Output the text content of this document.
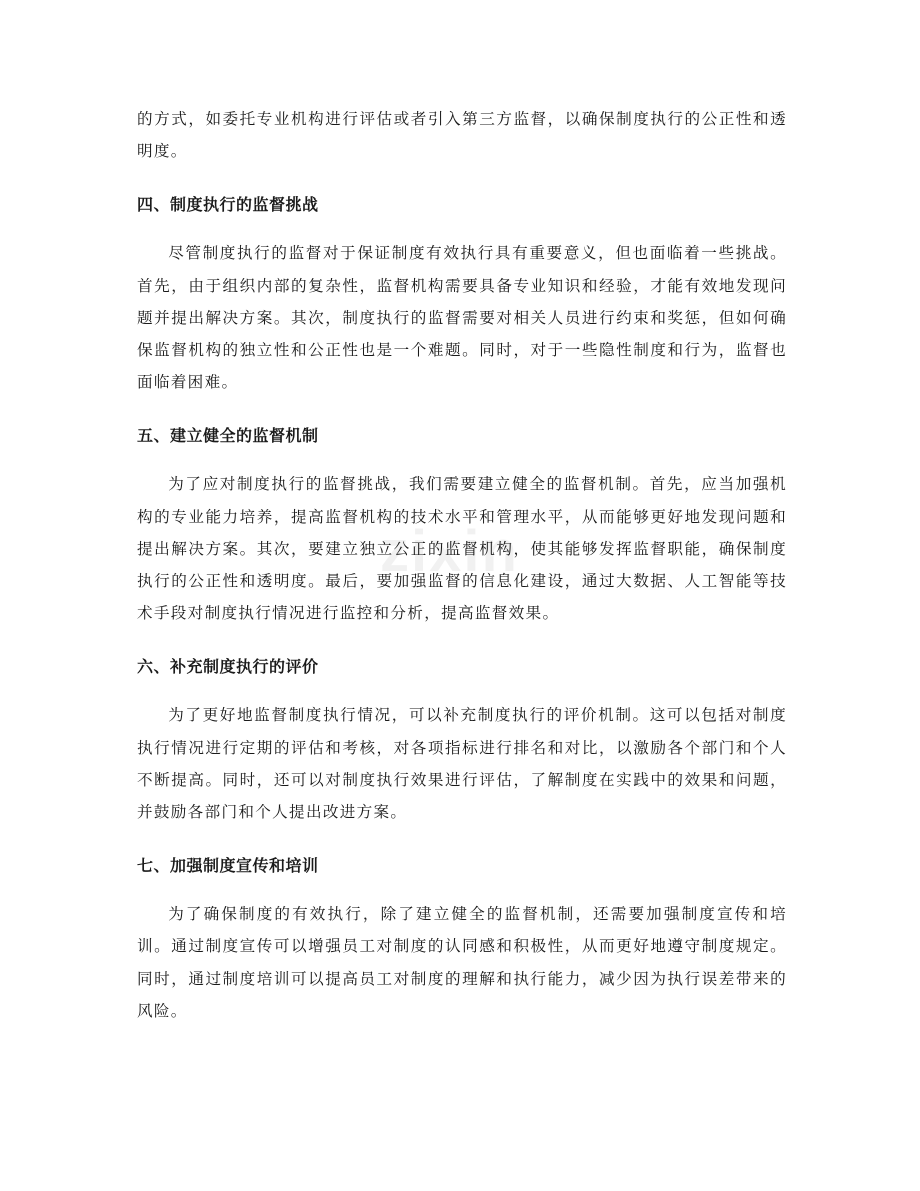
zixin

的方式，如委托专业机构进行评估或者引入第三方监督，以确保制度执行的公正性和透明度。

四、制度执行的监督挑战

尽管制度执行的监督对于保证制度有效执行具有重要意义，但也面临着一些挑战。首先，由于组织内部的复杂性，监督机构需要具备专业知识和经验，才能有效地发现问题并提出解决方案。其次，制度执行的监督需要对相关人员进行约束和奖惩，但如何确保监督机构的独立性和公正性也是一个难题。同时，对于一些隐性制度和行为，监督也面临着困难。

五、建立健全的监督机制

为了应对制度执行的监督挑战，我们需要建立健全的监督机制。首先，应当加强机构的专业能力培养，提高监督机构的技术水平和管理水平，从而能够更好地发现问题和提出解决方案。其次，要建立独立公正的监督机构，使其能够发挥监督职能，确保制度执行的公正性和透明度。最后，要加强监督的信息化建设，通过大数据、人工智能等技术手段对制度执行情况进行监控和分析，提高监督效果。

六、补充制度执行的评价

为了更好地监督制度执行情况，可以补充制度执行的评价机制。这可以包括对制度执行情况进行定期的评估和考核，对各项指标进行排名和对比，以激励各个部门和个人不断提高。同时，还可以对制度执行效果进行评估，了解制度在实践中的效果和问题，并鼓励各部门和个人提出改进方案。

七、加强制度宣传和培训

为了确保制度的有效执行，除了建立健全的监督机制，还需要加强制度宣传和培训。通过制度宣传可以增强员工对制度的认同感和积极性，从而更好地遵守制度规定。同时，通过制度培训可以提高员工对制度的理解和执行能力，减少因为执行误差带来的风险。
